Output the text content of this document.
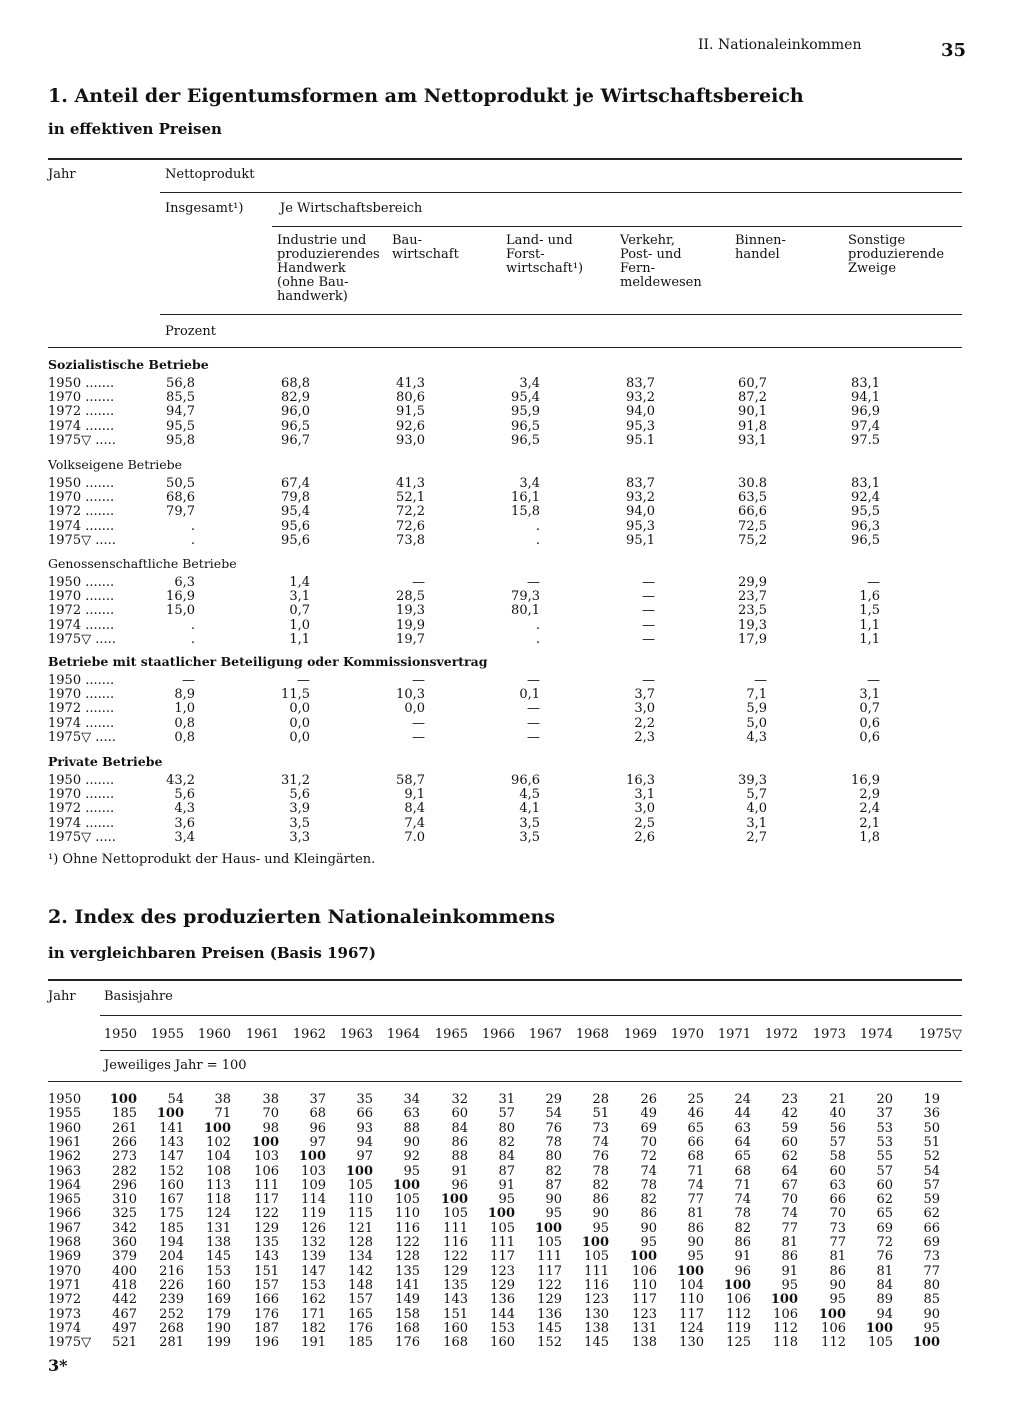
II. Nationaleinkommen	35
1. Anteil der Eigentumsformen am Nettoprodukt je Wirtschaftsbereich
in effektiven Preisen
Jahr	Nettoprodukt
Insgesamt¹)	Je Wirtschaftsbereich
Industrie und produzierendes Handwerk (ohne Bau- handwerk)
Bau- wirtschaft
Land- und Forst- wirtschaft¹)
Verkehr, Post- und Fern- meldewesen
Binnen- handel
Sonstige produzierende Zweige
Prozent
Sozialistische Betriebe
1950 .......	56,8	68,8	41,3	3,4	83,7	60,7	83,1
1970 .......	85,5	82,9	80,6	95,4	93,2	87,2	94,1
1972 .......	94,7	96,0	91,5	95,9	94,0	90,1	96,9
1974 .......	95,5	96,5	92,6	96,5	95,3	91,8	97,4
1975▽ .....	95,8	96,7	93,0	96,5	95.1	93,1	97.5
Volkseigene Betriebe
1950 .......	50,5	67,4	41,3	3,4	83,7	30.8	83,1
1970 .......	68,6	79,8	52,1	16,1	93,2	63,5	92,4
1972 .......	79,7	95,4	72,2	15,8	94,0	66,6	95,5
1974 .......	.	95,6	72,6	.	95,3	72,5	96,3
1975▽ .....	.	95,6	73,8	.	95,1	75,2	96,5
Genossenschaftliche Betriebe
1950 .......	6,3	1,4	—	—	—	29,9	—
1970 .......	16,9	3,1	28,5	79,3	—	23,7	1,6
1972 .......	15,0	0,7	19,3	80,1	—	23,5	1,5
1974 .......	.	1,0	19,9	.	—	19,3	1,1
1975▽ .....	.	1,1	19,7	.	—	17,9	1,1
Betriebe mit staatlicher Beteiligung oder Kommissionsvertrag
1950 .......	—	—	—	—	—	—	—
1970 .......	8,9	11,5	10,3	0,1	3,7	7,1	3,1
1972 .......	1,0	0,0	0,0	—	3,0	5,9	0,7
1974 .......	0,8	0,0	—	—	2,2	5,0	0,6
1975▽ .....	0,8	0,0	—	—	2,3	4,3	0,6
Private Betriebe
1950 .......	43,2	31,2	58,7	96,6	16,3	39,3	16,9
1970 .......	5,6	5,6	9,1	4,5	3,1	5,7	2,9
1972 .......	4,3	3,9	8,4	4,1	3,0	4,0	2,4
1974 .......	3,6	3,5	7,4	3,5	2,5	3,1	2,1
1975▽ .....	3,4	3,3	7.0	3,5	2,6	2,7	1,8
¹) Ohne Nettoprodukt der Haus- und Kleingärten.
2. Index des produzierten Nationaleinkommens
in vergleichbaren Preisen (Basis 1967)
Jahr Basisjahre
1950	1955	1960	1961	1962	1963	1964	1965	1966	1967	1968	1969	1970	1971	1972	1973	1974	1975▽
Jeweiliges Jahr = 100
1950	100	54	38	38	37	35	34	32	31	29	28	26	25	24	23	21	20	19
1955	185	100	71	70	68	66	63	60	57	54	51	49	46	44	42	40	37	36
1960	261	141	100	98	96	93	88	84	80	76	73	69	65	63	59	56	53	50
1961	266	143	102	100	97	94	90	86	82	78	74	70	66	64	60	57	53	51
1962	273	147	104	103	100	97	92	88	84	80	76	72	68	65	62	58	55	52
1963	282	152	108	106	103	100	95	91	87	82	78	74	71	68	64	60	57	54
1964	296	160	113	111	109	105	100	96	91	87	82	78	74	71	67	63	60	57
1965	310	167	118	117	114	110	105	100	95	90	86	82	77	74	70	66	62	59
1966	325	175	124	122	119	115	110	105	100	95	90	86	81	78	74	70	65	62
1967	342	185	131	129	126	121	116	111	105	100	95	90	86	82	77	73	69	66
1968	360	194	138	135	132	128	122	116	111	105	100	95	90	86	81	77	72	69
1969	379	204	145	143	139	134	128	122	117	111	105	100	95	91	86	81	76	73
1970	400	216	153	151	147	142	135	129	123	117	111	106	100	96	91	86	81	77
1971	418	226	160	157	153	148	141	135	129	122	116	110	104	100	95	90	84	80
1972	442	239	169	166	162	157	149	143	136	129	123	117	110	106	100	95	89	85
1973	467	252	179	176	171	165	158	151	144	136	130	123	117	112	106	100	94	90
1974	497	268	190	187	182	176	168	160	153	145	138	131	124	119	112	106	100	95
1975▽	521	281	199	196	191	185	176	168	160	152	145	138	130	125	118	112	105	100
3*
